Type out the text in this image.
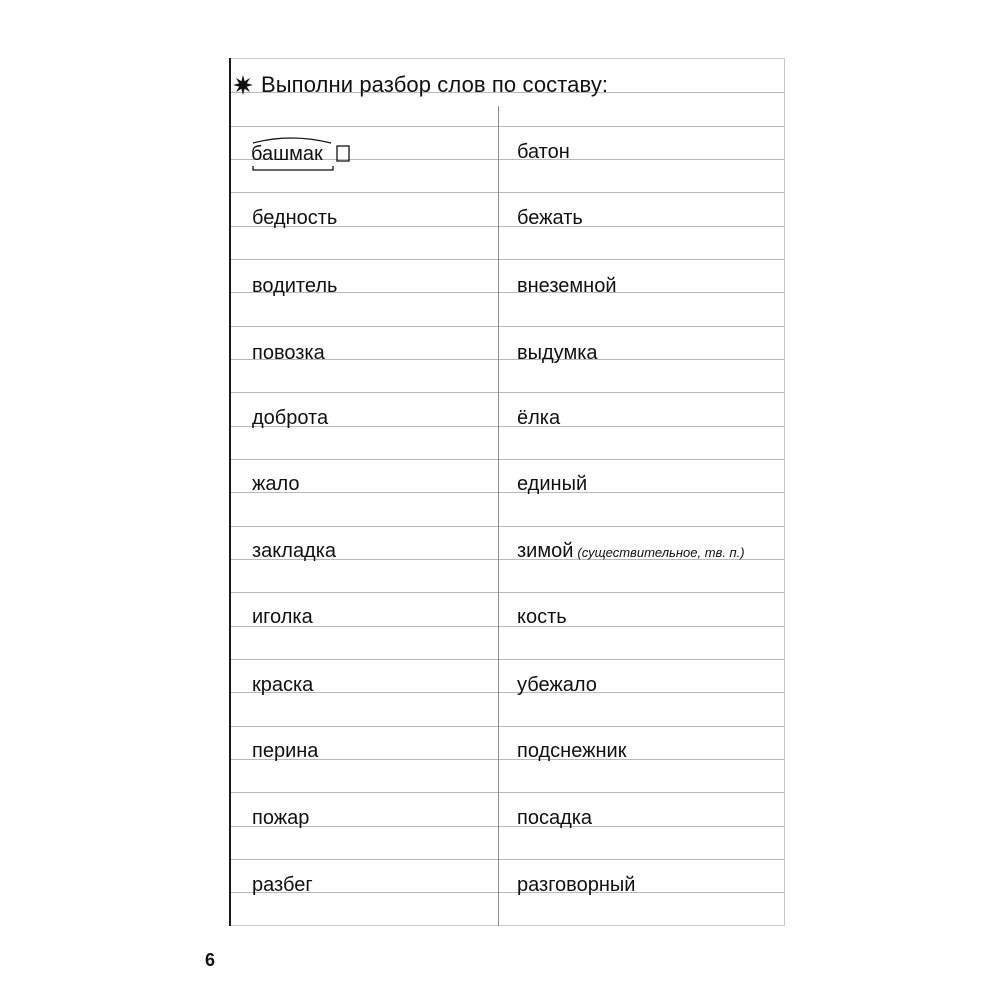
Выполни разбор слов по составу:
башмак
бедность
водитель
повозка
доброта
жало
закладка
иголка
краска
перина
пожар
разбег
батон
бежать
внеземной
выдумка
ёлка
единый
зимой (существительное, тв. п.)
кость
убежало
подснежник
посадка
разговорный
6
